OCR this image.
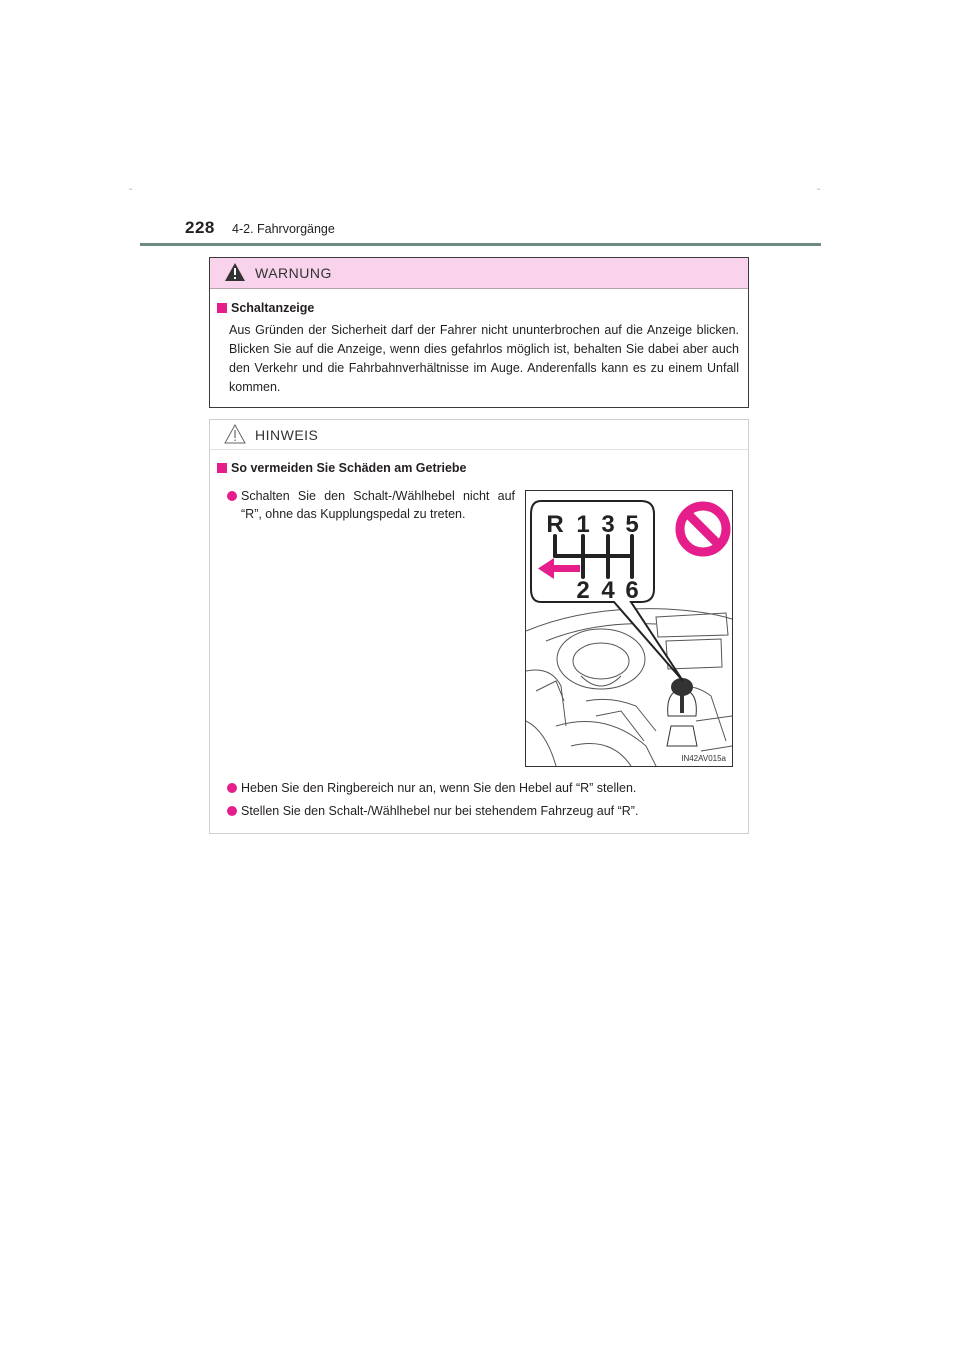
-	-
228 4-2. Fahrvorgänge
WARNUNG
Schaltanzeige
Aus Gründen der Sicherheit darf der Fahrer nicht ununterbrochen auf die Anzeige blicken. Blicken Sie auf die Anzeige, wenn dies gefahrlos möglich ist, behalten Sie dabei aber auch den Verkehr und die Fahrbahnverhältnisse im Auge. Anderenfalls kann es zu einem Unfall kommen.
HINWEIS
So vermeiden Sie Schäden am Getriebe
Schalten Sie den Schalt-/Wählhebel nicht auf “R”, ohne das Kupplungspedal zu treten.	R 1 3 5
2 4 6
IN42AV015a
Heben Sie den Ringbereich nur an, wenn Sie den Hebel auf “R” stellen.
Stellen Sie den Schalt-/Wählhebel nur bei stehendem Fahrzeug auf “R”.
